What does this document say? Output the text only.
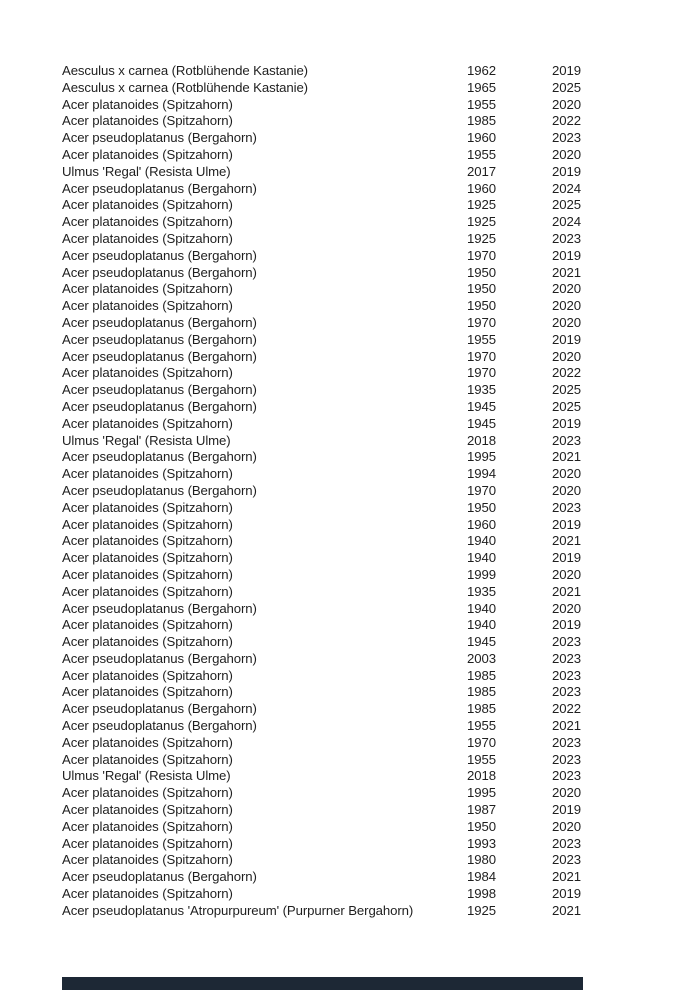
Aesculus x carnea (Rotblühende Kastanie)	1962	2019
Aesculus x carnea (Rotblühende Kastanie)	1965	2025
Acer platanoides (Spitzahorn)	1955	2020
Acer platanoides (Spitzahorn)	1985	2022
Acer pseudoplatanus (Bergahorn)	1960	2023
Acer platanoides (Spitzahorn)	1955	2020
Ulmus 'Regal' (Resista Ulme)	2017	2019
Acer pseudoplatanus (Bergahorn)	1960	2024
Acer platanoides (Spitzahorn)	1925	2025
Acer platanoides (Spitzahorn)	1925	2024
Acer platanoides (Spitzahorn)	1925	2023
Acer pseudoplatanus (Bergahorn)	1970	2019
Acer pseudoplatanus (Bergahorn)	1950	2021
Acer platanoides (Spitzahorn)	1950	2020
Acer platanoides (Spitzahorn)	1950	2020
Acer pseudoplatanus (Bergahorn)	1970	2020
Acer pseudoplatanus (Bergahorn)	1955	2019
Acer pseudoplatanus (Bergahorn)	1970	2020
Acer platanoides (Spitzahorn)	1970	2022
Acer pseudoplatanus (Bergahorn)	1935	2025
Acer pseudoplatanus (Bergahorn)	1945	2025
Acer platanoides (Spitzahorn)	1945	2019
Ulmus 'Regal' (Resista Ulme)	2018	2023
Acer pseudoplatanus (Bergahorn)	1995	2021
Acer platanoides (Spitzahorn)	1994	2020
Acer pseudoplatanus (Bergahorn)	1970	2020
Acer platanoides (Spitzahorn)	1950	2023
Acer platanoides (Spitzahorn)	1960	2019
Acer platanoides (Spitzahorn)	1940	2021
Acer platanoides (Spitzahorn)	1940	2019
Acer platanoides (Spitzahorn)	1999	2020
Acer platanoides (Spitzahorn)	1935	2021
Acer pseudoplatanus (Bergahorn)	1940	2020
Acer platanoides (Spitzahorn)	1940	2019
Acer platanoides (Spitzahorn)	1945	2023
Acer pseudoplatanus (Bergahorn)	2003	2023
Acer platanoides (Spitzahorn)	1985	2023
Acer platanoides (Spitzahorn)	1985	2023
Acer pseudoplatanus (Bergahorn)	1985	2022
Acer pseudoplatanus (Bergahorn)	1955	2021
Acer platanoides (Spitzahorn)	1970	2023
Acer platanoides (Spitzahorn)	1955	2023
Ulmus 'Regal' (Resista Ulme)	2018	2023
Acer platanoides (Spitzahorn)	1995	2020
Acer platanoides (Spitzahorn)	1987	2019
Acer platanoides (Spitzahorn)	1950	2020
Acer platanoides (Spitzahorn)	1993	2023
Acer platanoides (Spitzahorn)	1980	2023
Acer pseudoplatanus (Bergahorn)	1984	2021
Acer platanoides (Spitzahorn)	1998	2019
Acer pseudoplatanus 'Atropurpureum' (Purpurner Bergahorn)	1925	2021
